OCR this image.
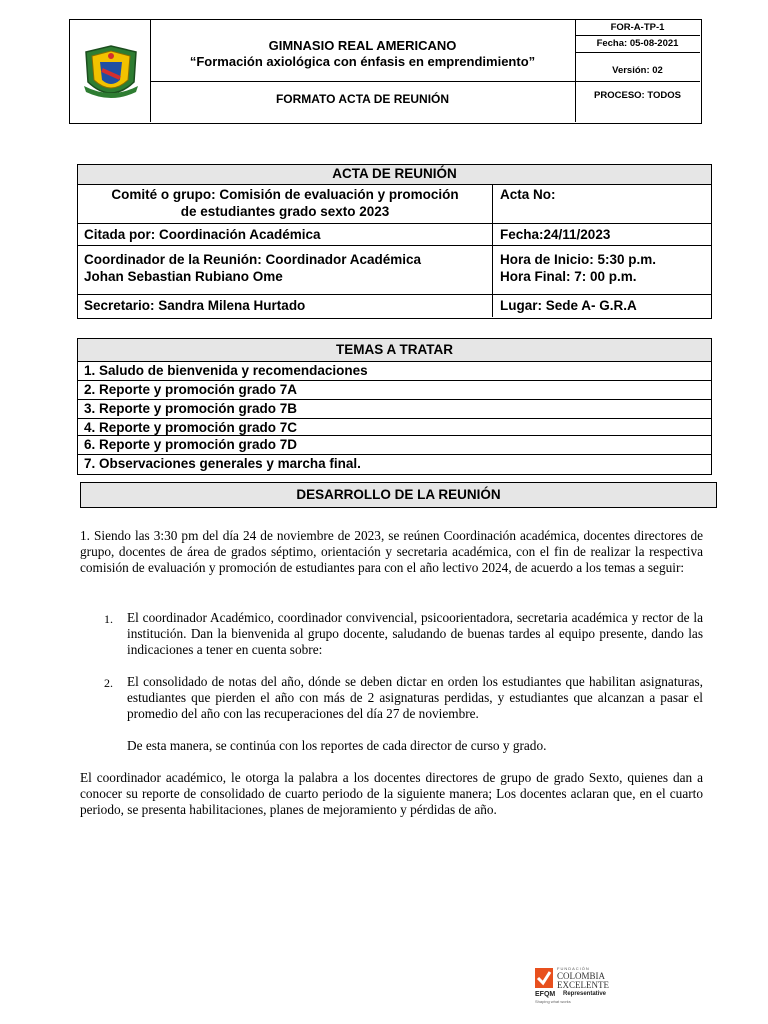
GIMNASIO REAL AMERICANO
“Formación axiológica con énfasis en emprendimiento”
FORMATO ACTA DE REUNIÓN
FOR-A-TP-1
Fecha: 05-08-2021
Versión: 02
PROCESO: TODOS
ACTA DE REUNIÓN
Comité o grupo: Comisión de evaluación y promoción
de estudiantes grado sexto 2023
Acta No:
Citada por: Coordinación Académica	Fecha:24/11/2023
Coordinador de la Reunión: Coordinador Académica
Johan Sebastian Rubiano Ome
Hora de Inicio: 5:30 p.m.
Hora Final: 7: 00 p.m.
Secretario: Sandra Milena Hurtado	Lugar: Sede A- G.R.A
TEMAS A TRATAR
1. Saludo de bienvenida y recomendaciones
2. Reporte y promoción grado 7A
3. Reporte y promoción grado 7B
4. Reporte y promoción grado 7C
6. Reporte y promoción grado 7D
7. Observaciones generales y marcha final.
DESARROLLO DE LA REUNIÓN
1. Siendo las 3:30 pm del día 24 de noviembre de 2023, se reúnen Coordinación académica, docentes directores de grupo, docentes de área de grados séptimo, orientación y secretaria académica, con el fin de realizar la respectiva comisión de evaluación y promoción de estudiantes para con el año lectivo 2024, de acuerdo a los temas a seguir:
1. El coordinador Académico, coordinador convivencial, psicoorientadora, secretaria académica y rector de la institución. Dan la bienvenida al grupo docente, saludando de buenas tardes al equipo presente, dando las indicaciones a tener en cuenta sobre:
2. El consolidado de notas del año, dónde se deben dictar en orden los estudiantes que habilitan asignaturas, estudiantes que pierden el año con más de 2 asignaturas perdidas, y estudiantes que alcanzan a pasar el promedio del año con las recuperaciones del día 27 de noviembre.
De esta manera, se continúa con los reportes de cada director de curso y grado.
El coordinador académico, le otorga la palabra a los docentes directores de grupo de grado Sexto, quienes dan a conocer su reporte de consolidado de cuarto periodo de la siguiente manera; Los docentes aclaran que, en el cuarto periodo, se presenta habilitaciones, planes de mejoramiento y pérdidas de año.
FUNDACIÓN
COLOMBIA
EXCELENTE
EFQM Representative
Shaping what works
